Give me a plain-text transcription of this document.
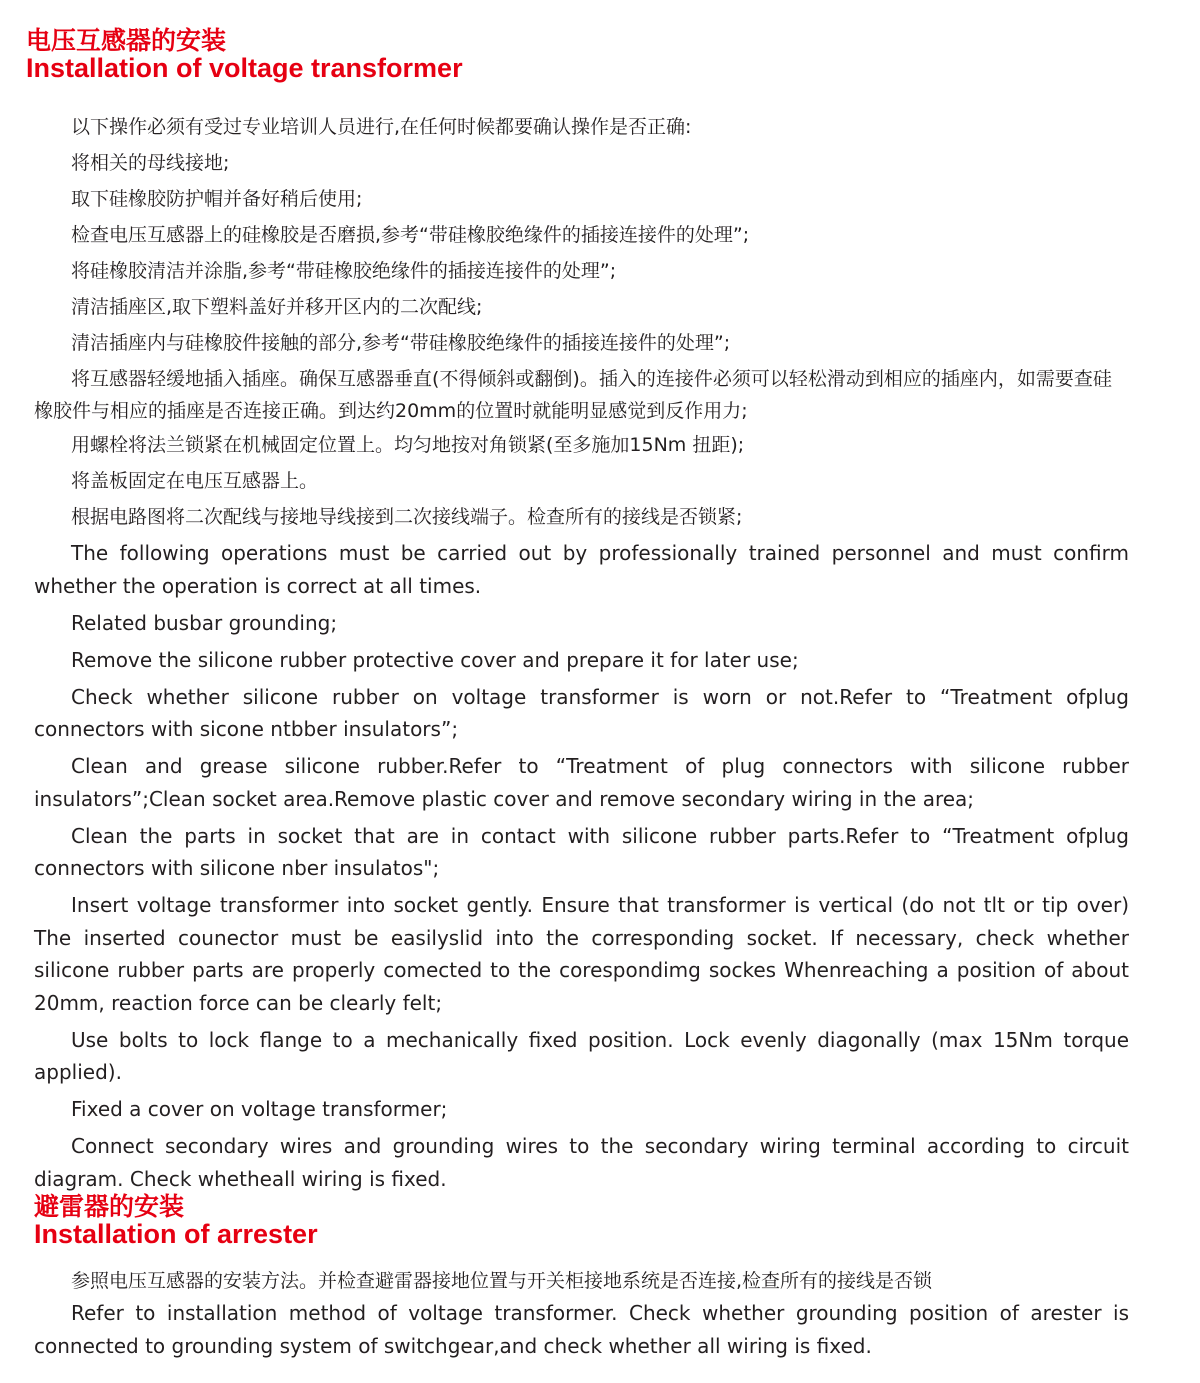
电压互感器的安装
Installation of voltage transformer

以下操作必须有受过专业培训人员进行,在任何时候都要确认操作是否正确:

将相关的母线接地;

取下硅橡胶防护帽并备好稍后使用;

检查电压互感器上的硅橡胶是否磨损,参考“带硅橡胶绝缘件的插接连接件的处理”;

将硅橡胶清洁并涂脂,参考“带硅橡胶绝缘件的插接连接件的处理”;

清洁插座区,取下塑料盖好并移开区内的二次配线;

清洁插座内与硅橡胶件接触的部分,参考“带硅橡胶绝缘件的插接连接件的处理”;

将互感器轻缓地插入插座。确保互感器垂直(不得倾斜或翻倒)。插入的连接件必须可以轻松滑动到相应的插座内，如需要查硅橡胶件与相应的插座是否连接正确。到达约20mm的位置时就能明显感觉到反作用力;

用螺栓将法兰锁紧在机械固定位置上。均匀地按对角锁紧(至多施加15Nm 扭距);

将盖板固定在电压互感器上。

根据电路图将二次配线与接地导线接到二次接线端子。检查所有的接线是否锁紧;

The following operations must be carried out by professionally trained personnel and must confirm whether the operation is correct at all times.

Related busbar grounding;

Remove the silicone rubber protective cover and prepare it for later use;

Check whether silicone rubber on voltage transformer is worn or not.Refer to “Treatment ofplug connectors with sicone ntbber insulators”;

Clean and grease silicone rubber.Refer to “Treatment of plug connectors with silicone rubber insulators”;Clean socket area.Remove plastic cover and remove secondary wiring in the area;

Clean the parts in socket that are in contact with silicone rubber parts.Refer to “Treatment ofplug connectors with silicone nber insulatos";

Insert voltage transformer into socket gently. Ensure that transformer is vertical (do not tlt or tip over) The inserted counector must be easilyslid into the corresponding socket. If necessary, check whether silicone rubber parts are properly comected to the corespondimg sockes Whenreaching a position of about 20mm, reaction force can be clearly felt;

Use bolts to lock flange to a mechanically fixed position. Lock evenly diagonally (max 15Nm torque applied).

Fixed a cover on voltage transformer;

Connect secondary wires and grounding wires to the secondary wiring terminal according to circuit diagram. Check whetheall wiring is fixed.

避雷器的安装
Installation of arrester

参照电压互感器的安装方法。并检查避雷器接地位置与开关柜接地系统是否连接,检查所有的接线是否锁

Refer to installation method of voltage transformer. Check whether grounding position of arester is connected to grounding system of switchgear,and check whether all wiring is fixed.
